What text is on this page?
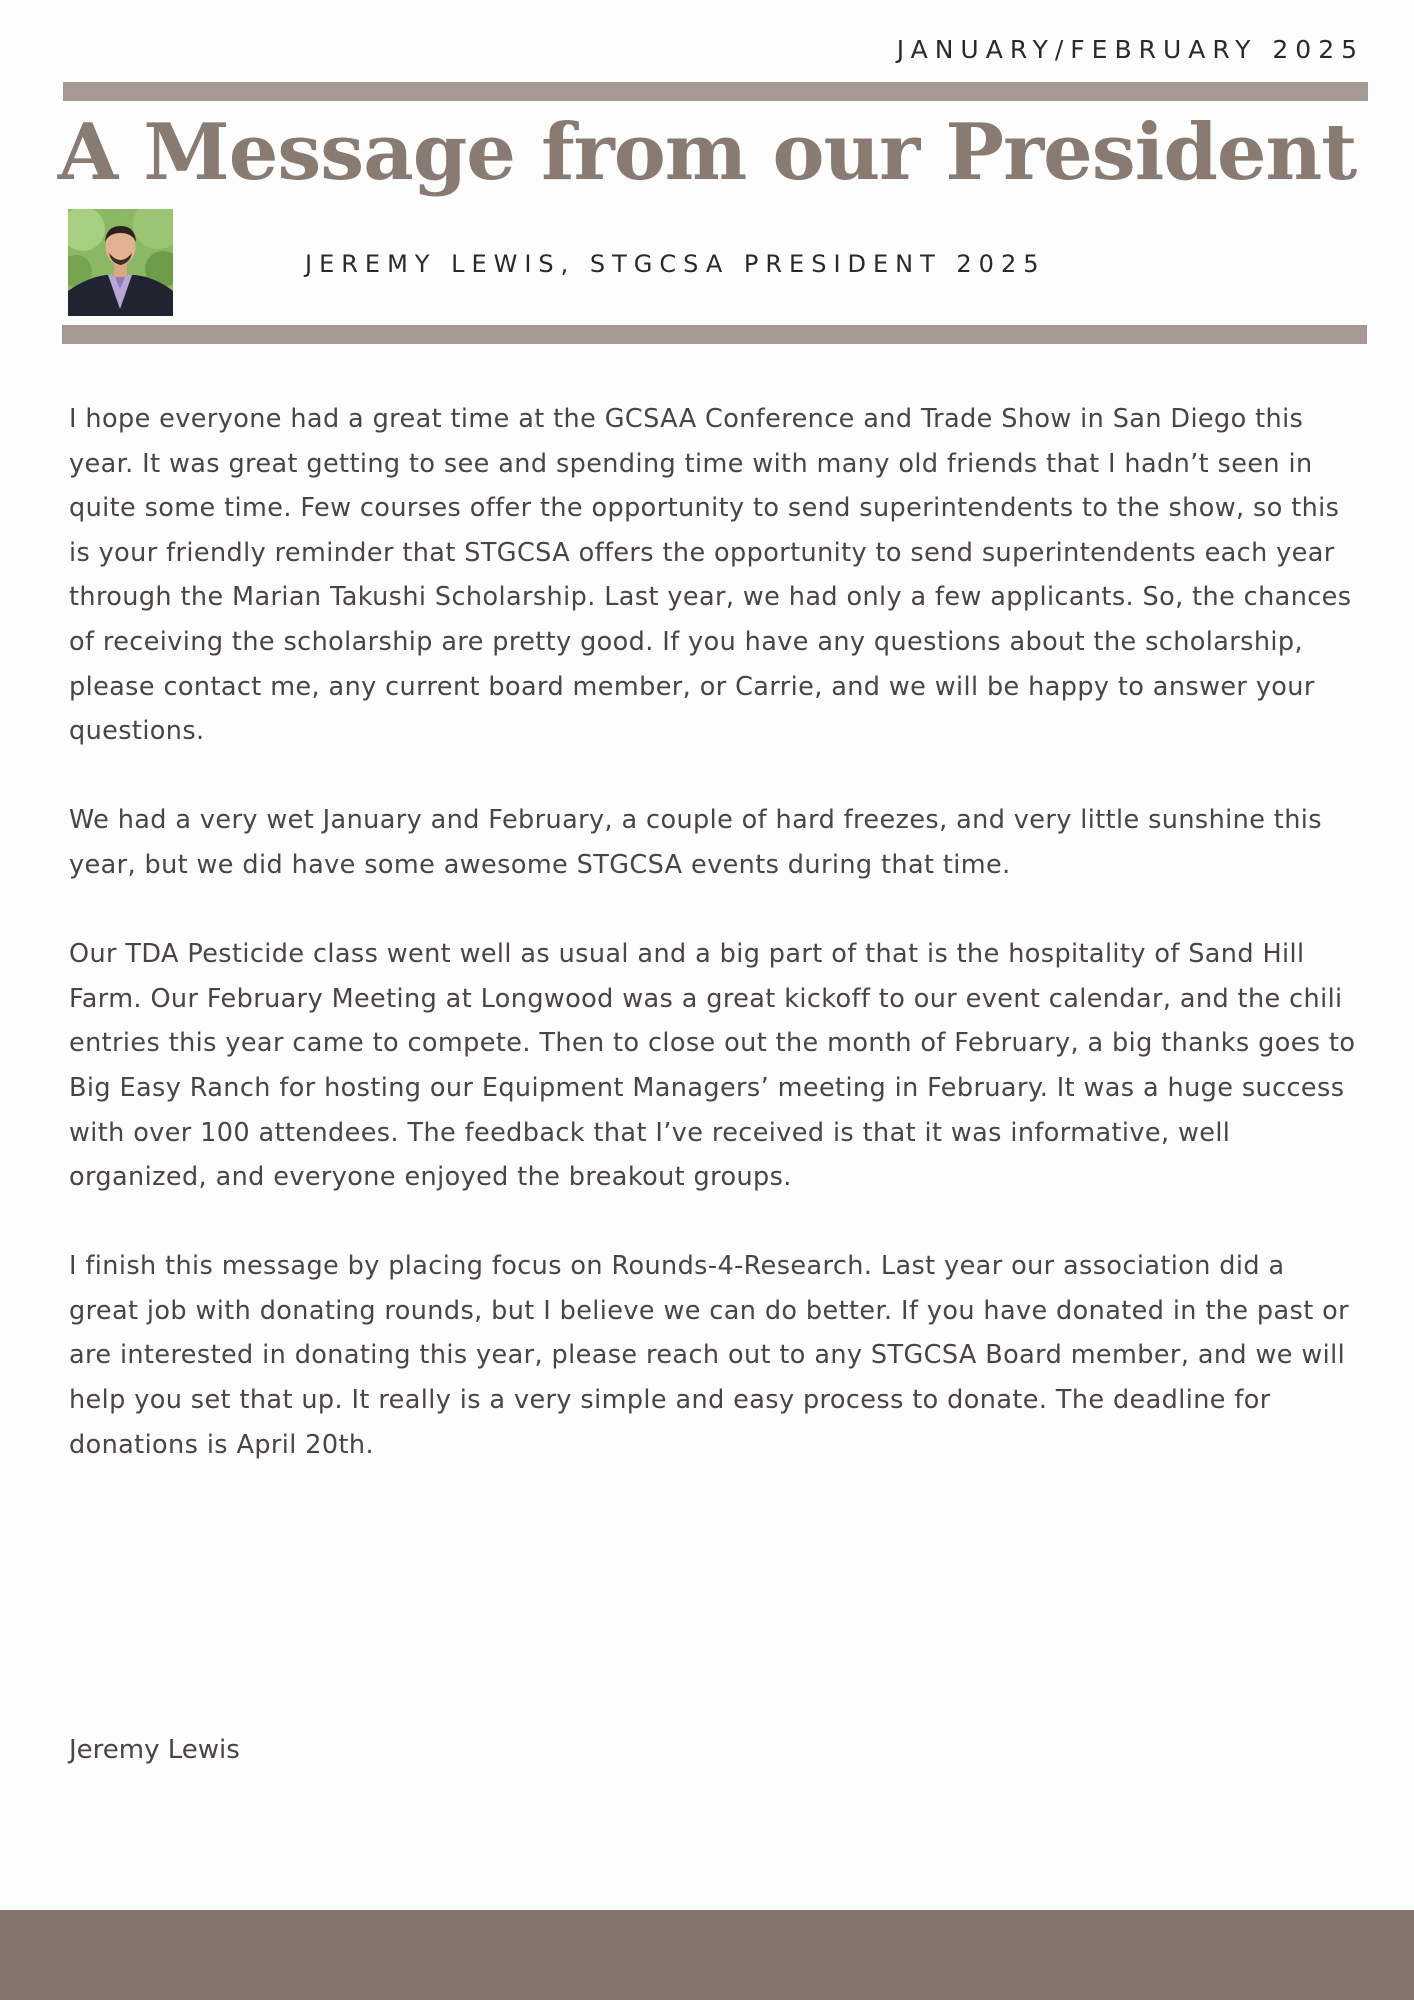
JANUARY/FEBRUARY 2025
A Message from our President
JEREMY LEWIS, STGCSA PRESIDENT 2025

I hope everyone had a great time at the GCSAA Conference and Trade Show in San Diego this year. It was great getting to see and spending time with many old friends that I hadn’t seen in quite some time. Few courses offer the opportunity to send superintendents to the show, so this is your friendly reminder that STGCSA offers the opportunity to send superintendents each year through the Marian Takushi Scholarship. Last year, we had only a few applicants. So, the chances of receiving the scholarship are pretty good. If you have any questions about the scholarship, please contact me, any current board member, or Carrie, and we will be happy to answer your questions.

We had a very wet January and February, a couple of hard freezes, and very little sunshine this year, but we did have some awesome STGCSA events during that time.

Our TDA Pesticide class went well as usual and a big part of that is the hospitality of Sand Hill Farm. Our February Meeting at Longwood was a great kickoff to our event calendar, and the chili entries this year came to compete. Then to close out the month of February, a big thanks goes to Big Easy Ranch for hosting our Equipment Managers’ meeting in February. It was a huge success with over 100 attendees. The feedback that I’ve received is that it was informative, well organized, and everyone enjoyed the breakout groups.

I finish this message by placing focus on Rounds-4-Research. Last year our association did a great job with donating rounds, but I believe we can do better. If you have donated in the past or are interested in donating this year, please reach out to any STGCSA Board member, and we will help you set that up. It really is a very simple and easy process to donate. The deadline for donations is April 20th.

Jeremy Lewis
